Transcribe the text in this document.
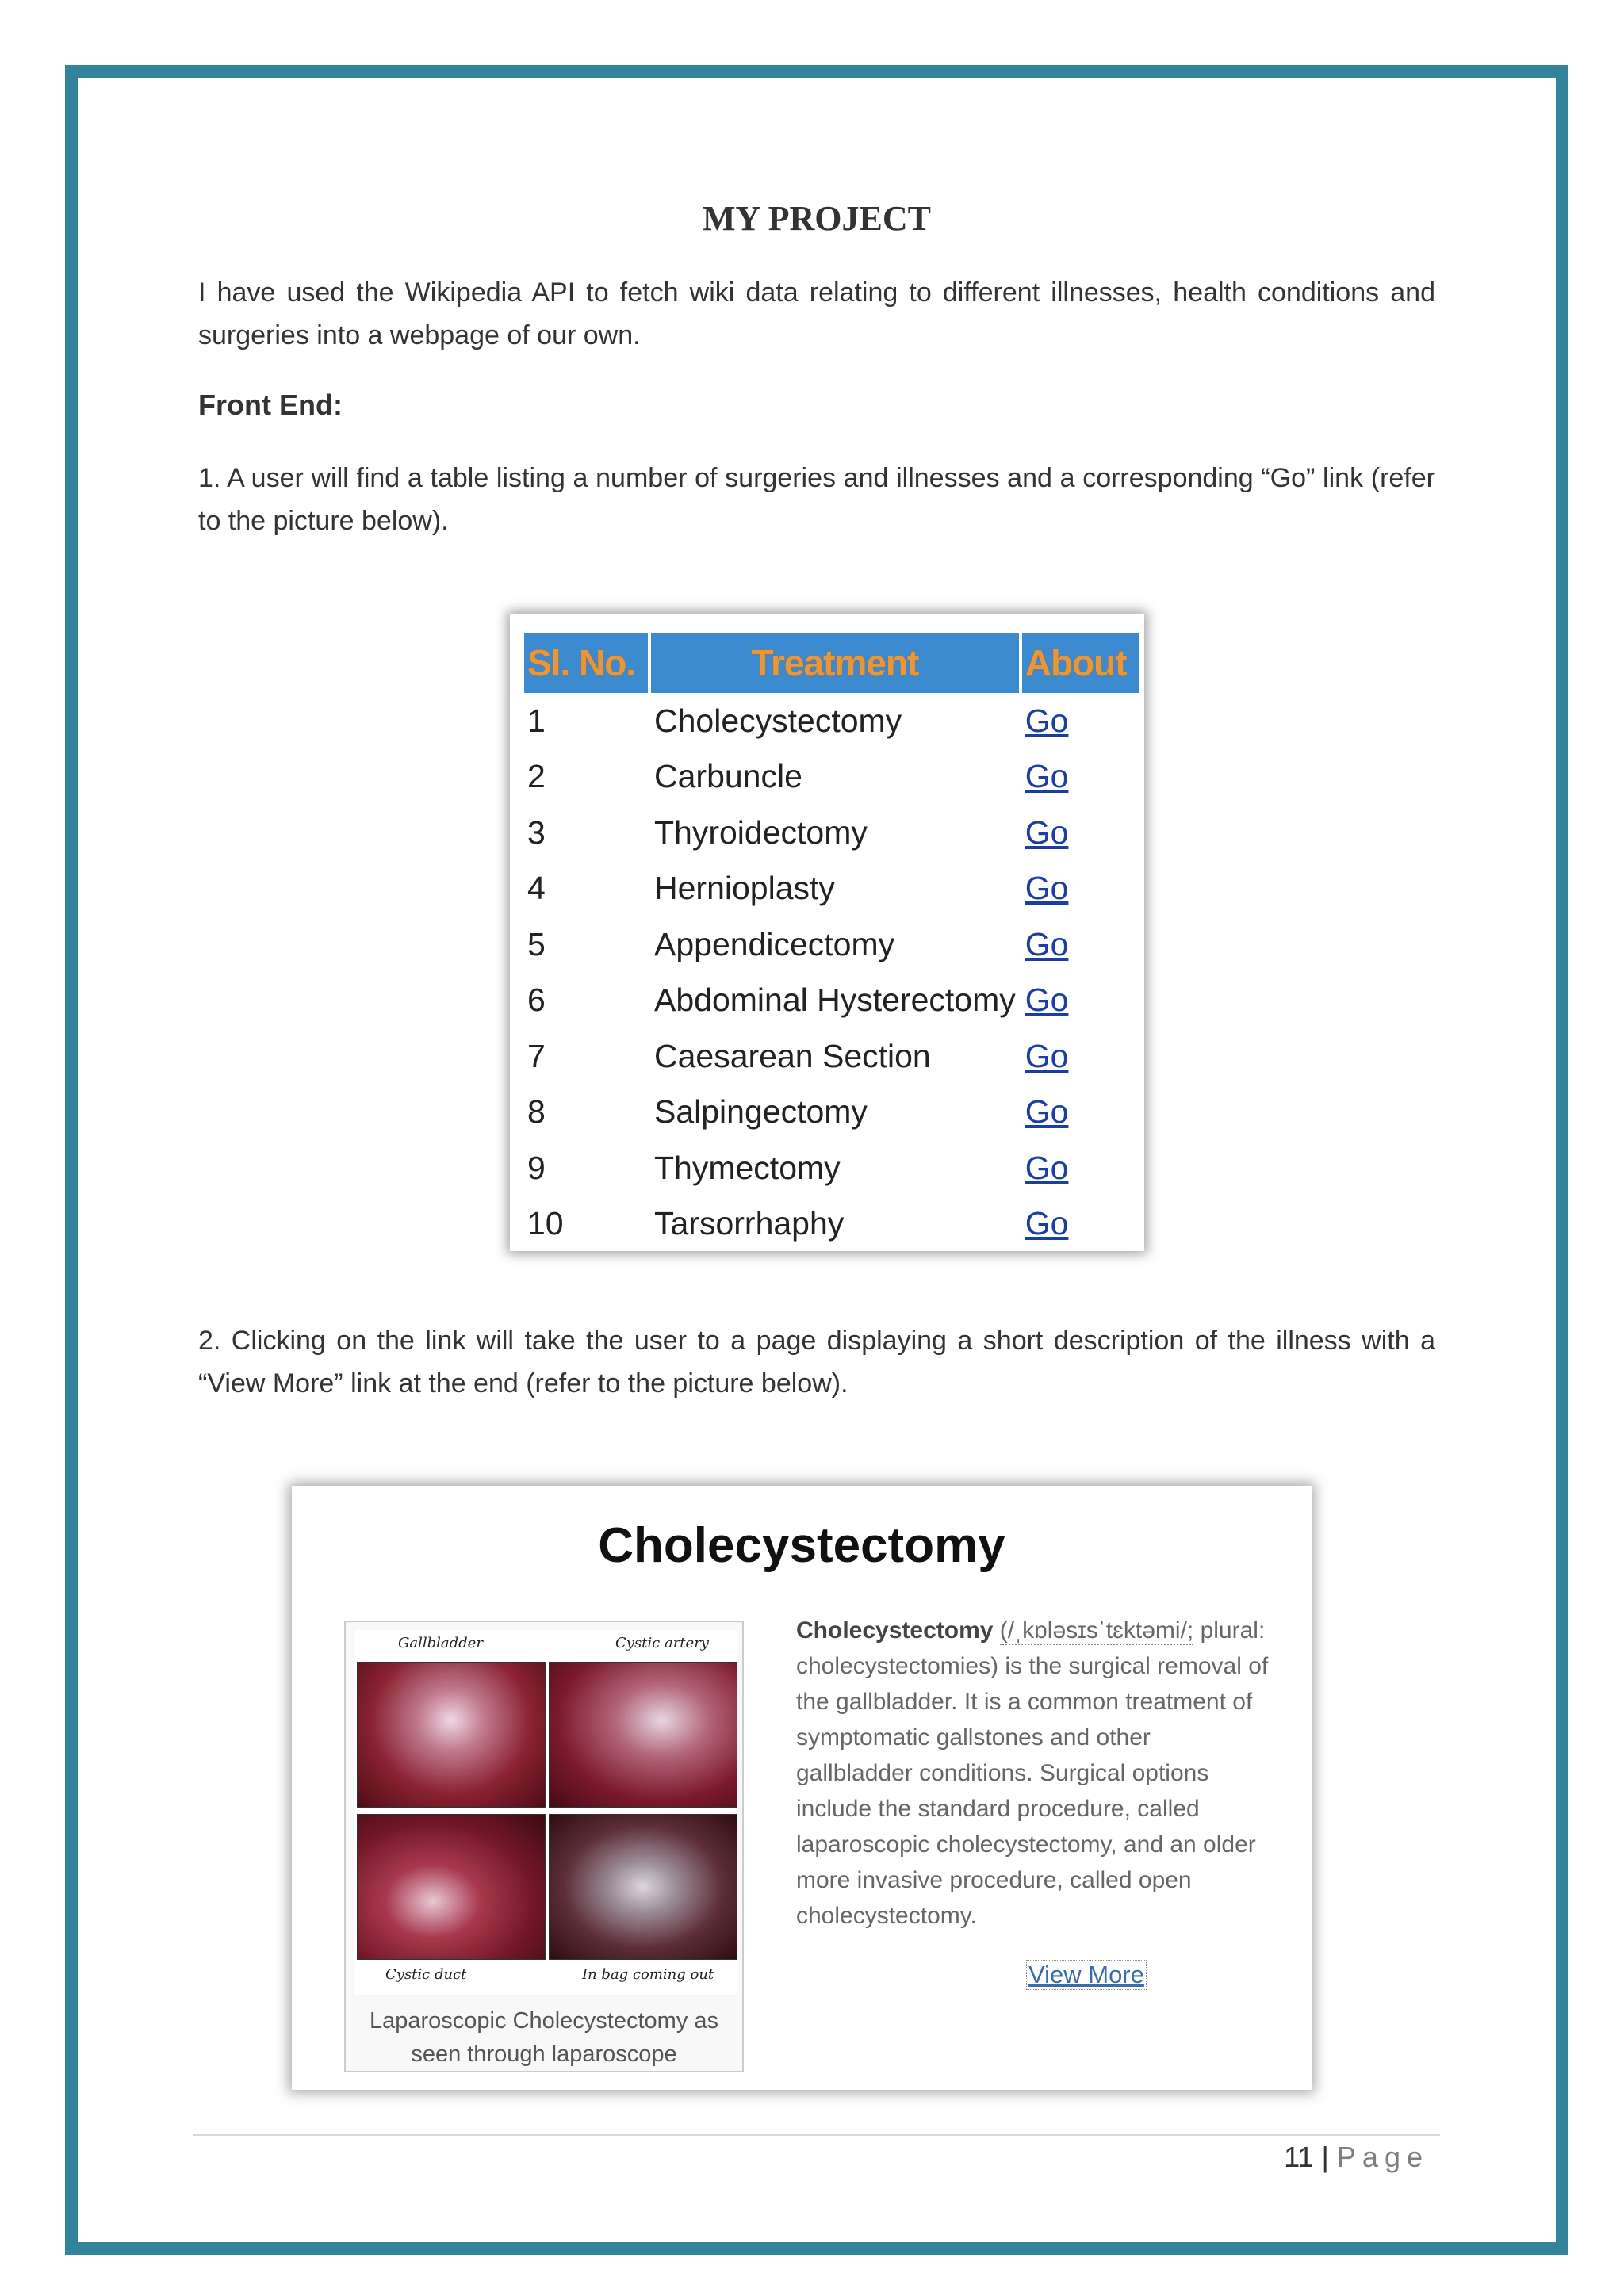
MY PROJECT
I have used the Wikipedia API to fetch wiki data relating to different illnesses, health conditions and surgeries into a webpage of our own.
Front End:
1. A user will find a table listing a number of surgeries and illnesses and a corresponding “Go” link (refer to the picture below).
2. Clicking on the link will take the user to a page displaying a short description of the illness with a “View More” link at the end (refer to the picture below).
Sl. No.	Treatment	About
1	Cholecystectomy	Go
2	Carbuncle	Go
3	Thyroidectomy	Go
4	Hernioplasty	Go
5	Appendicectomy	Go
6	Abdominal Hysterectomy	Go
7	Caesarean Section	Go
8	Salpingectomy	Go
9	Thymectomy	Go
10	Tarsorrhaphy	Go
Cholecystectomy
Gallbladder	Cystic artery
Cystic duct	In bag coming out
Laparoscopic Cholecystectomy as seen through laparoscope
Cholecystectomy (/ˌkɒləsɪsˈtɛktəmi/; plural: cholecystectomies) is the surgical removal of the gallbladder. It is a common treatment of symptomatic gallstones and other gallbladder conditions. Surgical options include the standard procedure, called laparoscopic cholecystectomy, and an older more invasive procedure, called open cholecystectomy.
View More
11 | Page
